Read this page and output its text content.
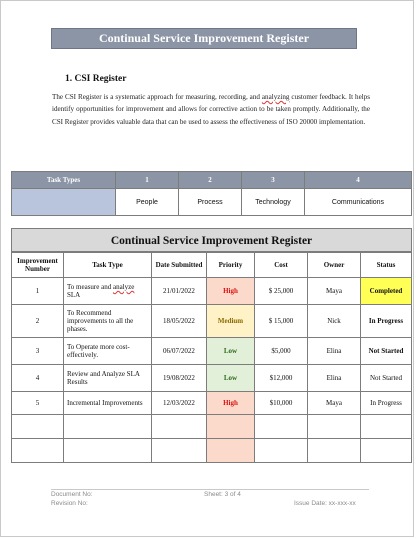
Continual Service Improvement Register
1. CSI Register
The CSI Register is a systematic approach for measuring, recording, and analyzing customer feedback. It helps identify opportunities for improvement and allows for corrective action to be taken promptly. Additionally, the CSI Register provides valuable data that can be used to assess the effectiveness of ISO 20000 implementation.
Task Types	1	2	3	4
	People	Process	Technology	Communications
Continual Service Improvement Register
Improvement Number	Task Type	Date Submitted	Priority	Cost	Owner	Status
1	To measure and analyze SLA	21/01/2022	High	$ 25,000	Maya	Completed
2	To Recommend improvements to all the phases.	18/05/2022	Medium	$ 15,000	Nick	In Progress
3	To Operate more cost-effectively.	06/07/2022	Low	$5,000	Elina	Not Started
4	Review and Analyze SLA Results	19/08/2022	Low	$12,000	Elina	Not Started
5	Incremental Improvements	12/03/2022	High	$10,000	Maya	In Progress

Document No:
Revision No:
Sheet: 3 of 4
Issue Date: xx-xxx-xx
